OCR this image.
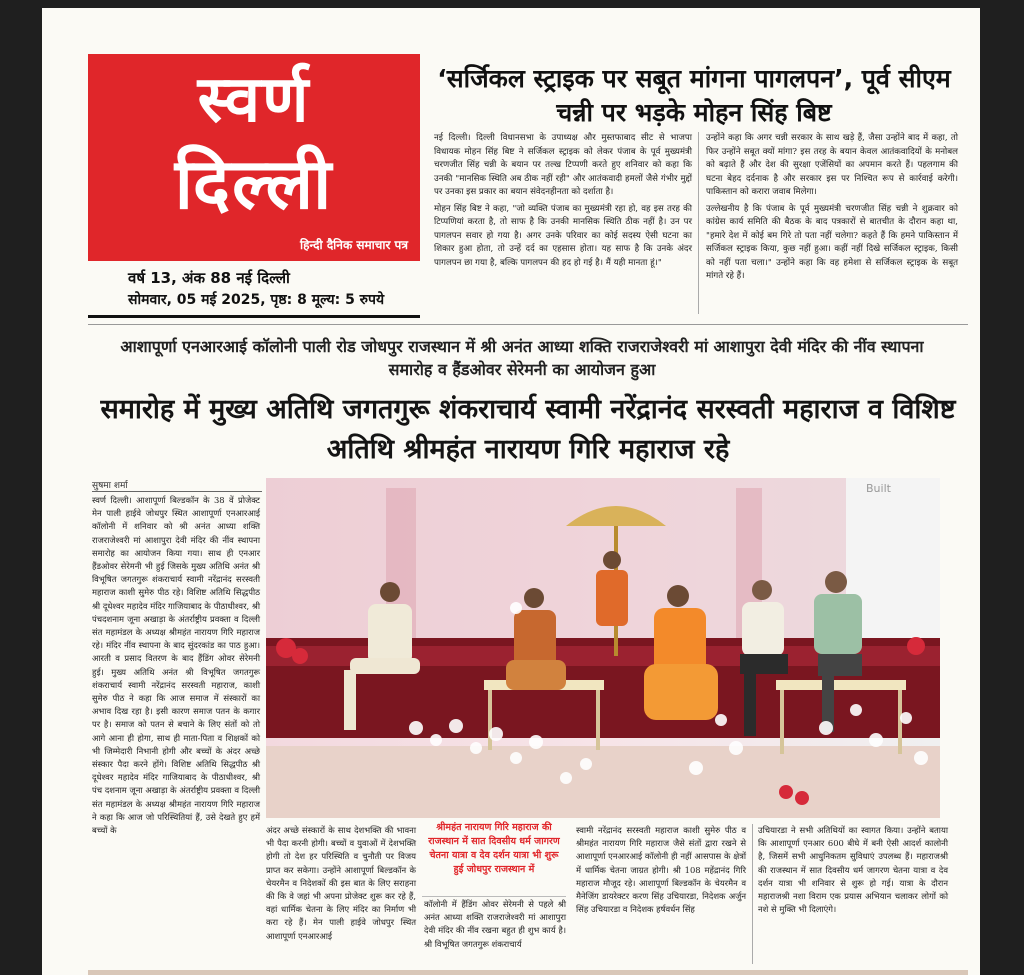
स्वर्ण
दिल्ली
हिन्दी दैनिक समाचार पत्र
वर्ष 13, अंक 88 नई दिल्ली
सोमवार, 05 मई 2025, पृष्ठ: 8 मूल्य: 5 रुपये
‘सर्जिकल स्ट्राइक पर सबूत मांगना पागलपन’, पूर्व सीएम चन्नी पर भड़के मोहन सिंह बिष्ट

नई दिल्ली। दिल्ली विधानसभा के उपाध्यक्ष और मुस्तफाबाद सीट से भाजपा विधायक मोहन सिंह बिष्ट ने सर्जिकल स्ट्राइक को लेकर पंजाब के पूर्व मुख्यमंत्री चरणजीत सिंह चन्नी के बयान पर तल्ख टिप्पणी करते हुए शनिवार को कहा कि उनकी "मानसिक स्थिति अब ठीक नहीं रही" और आतंकवादी हमलों जैसे गंभीर मुद्दों पर उनका इस प्रकार का बयान संवेदनहीनता को दर्शाता है।

मोहन सिंह बिष्ट ने कहा, "जो व्यक्ति पंजाब का मुख्यमंत्री रहा हो, वह इस तरह की टिप्पणियां करता है, तो साफ है कि उनकी मानसिक स्थिति ठीक नहीं है। उन पर पागलपन सवार हो गया है। अगर उनके परिवार का कोई सदस्य ऐसी घटना का शिकार हुआ होता, तो उन्हें दर्द का एहसास होता। यह साफ है कि उनके अंदर पागलपन छा गया है, बल्कि पागलपन की हद हो गई है। मैं यही मानता हूं।"

उन्होंने कहा कि अगर चन्नी सरकार के साथ खड़े हैं, जैसा उन्होंने बाद में कहा, तो फिर उन्होंने सबूत क्यों मांगा? इस तरह के बयान केवल आतंकवादियों के मनोबल को बढ़ाते हैं और देश की सुरक्षा एजेंसियों का अपमान करते हैं। पहलगाम की घटना बेहद दर्दनाक है और सरकार इस पर निश्चित रूप से कार्रवाई करेगी। पाकिस्तान को करारा जवाब मिलेगा।

उल्लेखनीय है कि पंजाब के पूर्व मुख्यमंत्री चरणजीत सिंह चन्नी ने शुक्रवार को कांग्रेस कार्य समिति की बैठक के बाद पत्रकारों से बातचीत के दौरान कहा था, "हमारे देश में कोई बम गिरे तो पता नहीं चलेगा? कहते हैं कि हमने पाकिस्तान में सर्जिकल स्ट्राइक किया, कुछ नहीं हुआ। कहीं नहीं दिखे सर्जिकल स्ट्राइक, किसी को नहीं पता चला।" उन्होंने कहा कि वह हमेशा से सर्जिकल स्ट्राइक के सबूत मांगते रहे हैं।

आशापूर्णा एनआरआई कॉलोनी पाली रोड जोधपुर राजस्थान में श्री अनंत आध्या शक्ति राजराजेश्वरी मां आशापुरा देवी मंदिर की नींव स्थापना समारोह व हैंडओवर सेरेमनी का आयोजन हुआ
समारोह में मुख्य अतिथि जगतगुरू शंकराचार्य स्वामी नरेंद्रानंद सरस्वती महाराज व विशिष्ट अतिथि श्रीमहंत नारायण गिरि महाराज रहे
सुषमा शर्मा
स्वर्ण दिल्ली। आशापूर्णा बिल्डकॉन के 38 वें प्रोजेक्ट मेन पाली हाईवे जोधपुर स्थित आशापूर्णा एनआरआई कॉलोनी में शनिवार को श्री अनंत आध्या शक्ति राजराजेश्वरी मां आशापुरा देवी मंदिर की नींव स्थापना समारोह का आयोजन किया गया। साथ ही एनआर हैंडओवर सेरेमनी भी हुई जिसके मुख्य अतिथि अनंत श्री विभूषित जगतगुरू शंकराचार्य स्वामी नरेंद्रानंद सरस्वती महाराज काशी सुमेरु पीठ रहे। विशिष्ट अतिथि सिद्धपीठ श्री दूधेश्वर महादेव मंदिर गाजियाबाद के पीठाधीश्वर, श्री पंचदशनाम जूना अखाड़ा के अंतर्राष्ट्रीय प्रवक्ता व दिल्ली संत महामंडल के अध्यक्ष श्रीमहंत नारायण गिरि महाराज रहे। मंदिर नींव स्थापना के बाद सुंदरकांड का पाठ हुआ। आरती व प्रसाद वितरण के बाद हैंडिंग ओवर सेरेमनी हुई। मुख्य अतिथि अनंत श्री विभूषित जगतगुरू शंकराचार्य स्वामी नरेंद्रानंद सरस्वती महाराज, काशी सुमेरु पीठ ने कहा कि आज समाज में संस्कारों का अभाव दिख रहा है। इसी कारण समाज पतन के कगार पर है। समाज को पतन से बचाने के लिए संतों को तो आगे आना ही होगा, साथ ही माता-पिता व शिक्षकों को भी जिम्मेदारी निभानी होगी और बच्चों के अंदर अच्छे संस्कार पैदा करने होंगे। विशिष्ट अतिथि सिद्धपीठ श्री दूधेश्वर महादेव मंदिर गाजियाबाद के पीठाधीश्वर, श्री पंच दशनाम जूना अखाड़ा के अंतर्राष्ट्रीय प्रवक्ता व दिल्ली संत महामंडल के अध्यक्ष श्रीमहंत नारायण गिरि महाराज ने कहा कि आज जो परिस्थितियां हैं, उसे देखते हुए हमें बच्चों के
Built
अंदर अच्छे संस्कारों के साथ देशभक्ति की भावना भी पैदा करनी होगी। बच्चों व युवाओं में देशभक्ति होगी तो देश हर परिस्थिति व चुनौती पर विजय प्राप्त कर सकेगा। उन्होंने आशापूर्णा बिल्डकॉन के चेयरमैन व निदेशकों की इस बात के लिए सराहना की कि वे जहां भी अपना प्रोजेक्ट शुरू कर रहे हैं, वहां धार्मिक चेतना के लिए मंदिर का निर्माण भी करा रहे हैं। मेन पाली हाईवे जोधपुर स्थित आशापूर्णा एनआरआई
श्रीमहंत नारायण गिरि महाराज की राजस्थान में सात दिवसीय धर्म जागरण चेतना यात्रा व देव दर्शन यात्रा भी शुरू हुई जोधपुर राजस्थान में
कॉलोनी में हैंडिंग ओवर सेरेमनी से पहले श्री अनंत आध्या शक्ति राजराजेश्वरी मां आशापुरा देवी मंदिर की नींव रखना बहुत ही शुभ कार्य है। श्री विभूषित जगतगुरू शंकराचार्य
स्वामी नरेंद्रानंद सरस्वती महाराज काशी सुमेरु पीठ व श्रीमहंत नारायण गिरि महाराज जैसे संतों द्वारा रखने से आशापूर्णा एनआरआई कॉलोनी ही नहीं आसपास के क्षेत्रों में धार्मिक चेतना जाग्रत होगी। श्री 108 महेंद्रानंद गिरि महाराज मौजूद रहे। आशापूर्णा बिल्डकॉन के चेयरमैन व मैनेजिंग डायरेक्टर करण सिंह उचियारडा, निदेशक अर्जुन सिंह उचियारडा व निदेशक हर्षवर्धन सिंह
उचियारडा ने सभी अतिथियों का स्वागत किया। उन्होंने बताया कि आशापूर्णा एनआर 600 बीघे में बनी ऐसी आदर्श कालोनी है, जिसमें सभी आधुनिकतम सुविधाएं उपलब्ध हैं। महाराजश्री की राजस्थान में सात दिवसीय धर्म जागरण चेतना यात्रा व देव दर्शन यात्रा भी शनिवार से शुरू हो गई। यात्रा के दौरान महाराजश्री नशा विराम एक प्रयास अभियान चलाकर लोगों को नशे से मुक्ति भी दिलाएंगे।
